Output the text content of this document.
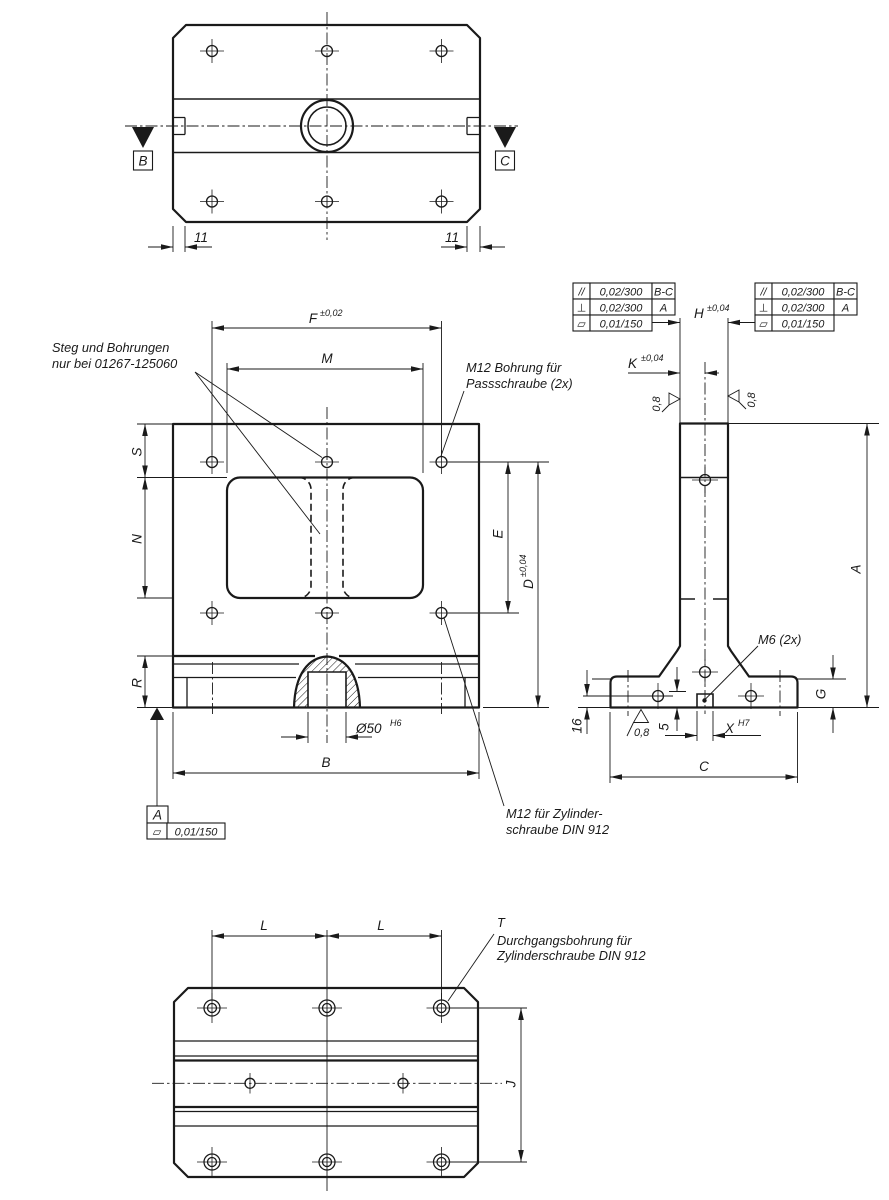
B	C
11	11
F ±0,02
M
Steg und Bohrungen
nur bei 01267-125060	M12 Bohrung für
Passschraube (2x)
S
N
R
E
D
±0,04
Ø50 H6
B
A
▱ 0,01/150
M12 für Zylinder-
schraube DIN 912
// 0,02/300 B-C
⊥ 0,02/300 A
▱ 0,01/150
// 0,02/300 B-C
⊥ 0,02/300 A
▱ 0,01/150
H ±0,04
K ±0,04
0,8	0,8
M6 (2x)
16	5
0,8	X H7
C
G
A
L	L	T
Durchgangsbohrung für
Zylinderschraube DIN 912
J
